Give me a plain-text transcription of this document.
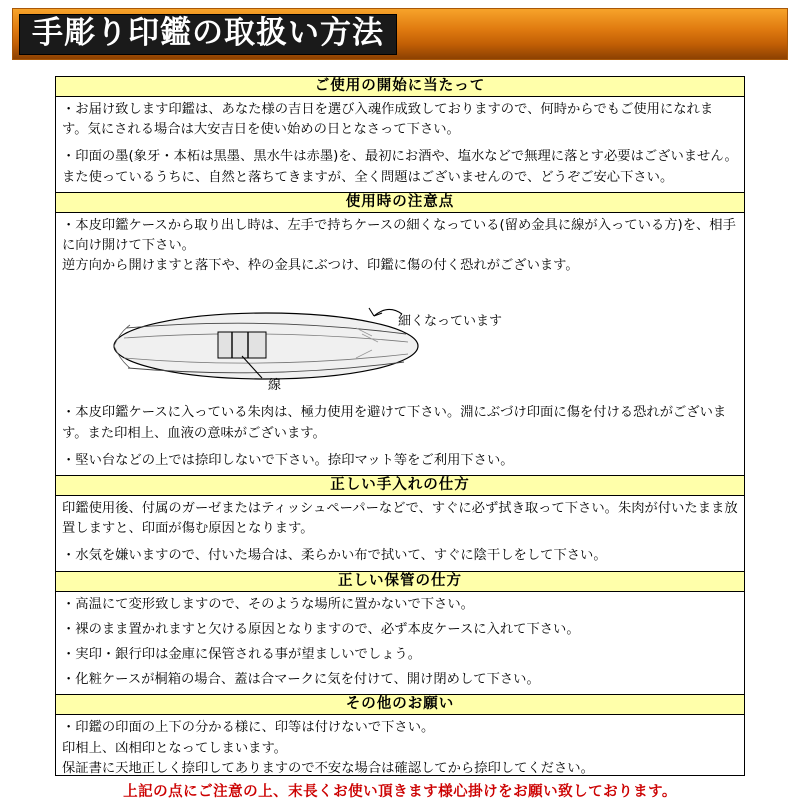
手彫り印鑑の取扱い方法
ご使用の開始に当たって

・お届け致します印鑑は、あなた様の吉日を選び入魂作成致しておりますので、何時からでもご使用になれます。気にされる場合は大安吉日を使い始めの日となさって下さい。

・印面の墨(象牙・本柘は黒墨、黒水牛は赤墨)を、最初にお酒や、塩水などで無理に落とす必要はございません。また使っているうちに、自然と落ちてきますが、全く問題はございませんので、どうぞご安心下さい。

使用時の注意点

・本皮印鑑ケースから取り出し時は、左手で持ちケースの細くなっている(留め金具に線が入っている方)を、相手に向け開けて下さい。

逆方向から開けますと落下や、枠の金具にぶつけ、印鑑に傷の付く恐れがございます。

細くなっています
線

・本皮印鑑ケースに入っている朱肉は、極力使用を避けて下さい。淵にぶづけ印面に傷を付ける恐れがございます。また印相上、血液の意味がございます。

・堅い台などの上では捺印しないで下さい。捺印マット等をご利用下さい。

正しい手入れの仕方

印鑑使用後、付属のガーゼまたはティッシュペーパーなどで、すぐに必ず拭き取って下さい。朱肉が付いたまま放置しますと、印面が傷む原因となります。

・水気を嫌いますので、付いた場合は、柔らかい布で拭いて、すぐに陰干しをして下さい。

正しい保管の仕方

・高温にて変形致しますので、そのような場所に置かないで下さい。

・裸のまま置かれますと欠ける原因となりますので、必ず本皮ケースに入れて下さい。

・実印・銀行印は金庫に保管される事が望ましいでしょう。

・化粧ケースが桐箱の場合、蓋は合マークに気を付けて、開け閉めして下さい。

その他のお願い

・印鑑の印面の上下の分かる様に、印等は付けないで下さい。

印相上、凶相印となってしまいます。

保証書に天地正しく捺印してありますので不安な場合は確認してから捺印してください。

上記の点にご注意の上、末長くお使い頂きます様心掛けをお願い致しております。
